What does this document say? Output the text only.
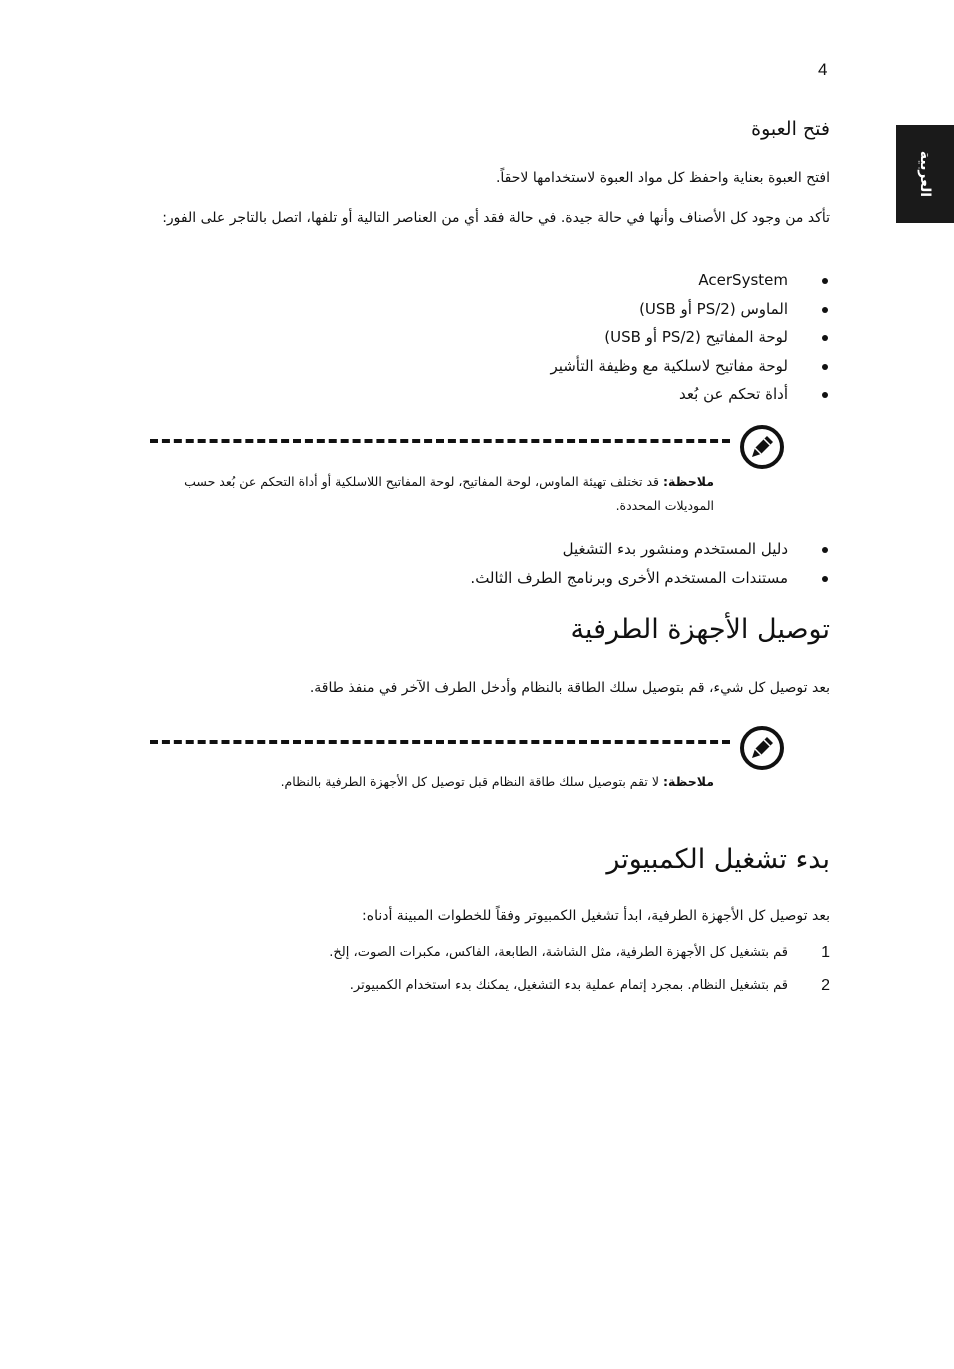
4
العربية
فتح العبوة
افتح العبوة بعناية واحفظ كل مواد العبوة لاستخدامها لاحقاً.
تأكد من وجود كل الأصناف وأنها في حالة جيدة. في حالة فقد أي من العناصر التالية أو تلفها، اتصل بالتاجر على الفور:
AcerSystem
الماوس (PS/2 أو USB)
لوحة المفاتيح (PS/2 أو USB)
لوحة مفاتيح لاسلكية مع وظيفة التأشير
أداة تحكم عن بُعد
ملاحظة: قد تختلف تهيئة الماوس، لوحة المفاتيح، لوحة المفاتيح اللاسلكية أو أداة التحكم عن بُعد حسب الموديلات المحددة.
دليل المستخدم ومنشور بدء التشغيل
مستندات المستخدم الأخرى وبرنامج الطرف الثالث.
توصيل الأجهزة الطرفية
بعد توصيل كل شيء، قم بتوصيل سلك الطاقة بالنظام وأدخل الطرف الآخر في منفذ طاقة.
ملاحظة: لا تقم بتوصيل سلك طاقة النظام قبل توصيل كل الأجهزة الطرفية بالنظام.
بدء تشغيل الكمبيوتر
بعد توصيل كل الأجهزة الطرفية، ابدأ تشغيل الكمبيوتر وفقاً للخطوات المبينة أدناه:
1
قم بتشغيل كل الأجهزة الطرفية، مثل الشاشة، الطابعة، الفاكس، مكبرات الصوت، إلخ.
2
قم بتشغيل النظام. بمجرد إتمام عملية بدء التشغيل، يمكنك بدء استخدام الكمبيوتر.
